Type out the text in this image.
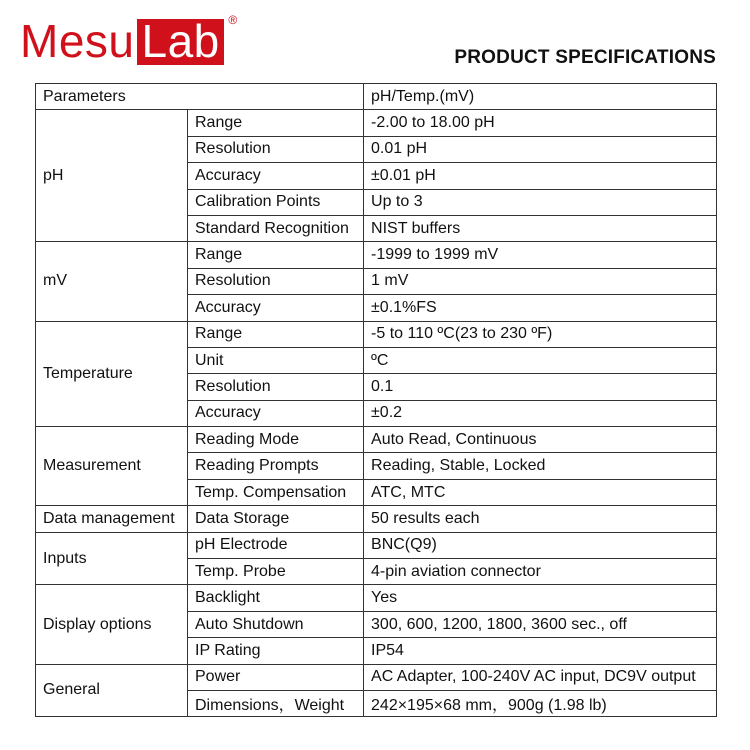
Mesu Lab ®
PRODUCT SPECIFICATIONS
Parameters		pH/Temp.(mV)
pH	Range	-2.00 to 18.00 pH
	Resolution	0.01 pH
	Accuracy	±0.01 pH
	Calibration Points	Up to 3
	Standard Recognition	NIST buffers
mV	Range	-1999 to 1999 mV
	Resolution	1 mV
	Accuracy	±0.1%FS
Temperature	Range	-5 to 110 ºC(23 to 230 ºF)
	Unit	ºC
	Resolution	0.1
	Accuracy	±0.2
Measurement	Reading Mode	Auto Read, Continuous
	Reading Prompts	Reading, Stable, Locked
	Temp. Compensation	ATC, MTC
Data management	Data Storage	50 results each
Inputs	pH Electrode	BNC(Q9)
	Temp. Probe	4-pin aviation connector
Display options	Backlight	Yes
	Auto Shutdown	300, 600, 1200, 1800, 3600 sec., off
	IP Rating	IP54
General	Power	AC Adapter, 100-240V AC input, DC9V output
	Dimensions，Weight	242×195×68 mm，900g (1.98 lb)
